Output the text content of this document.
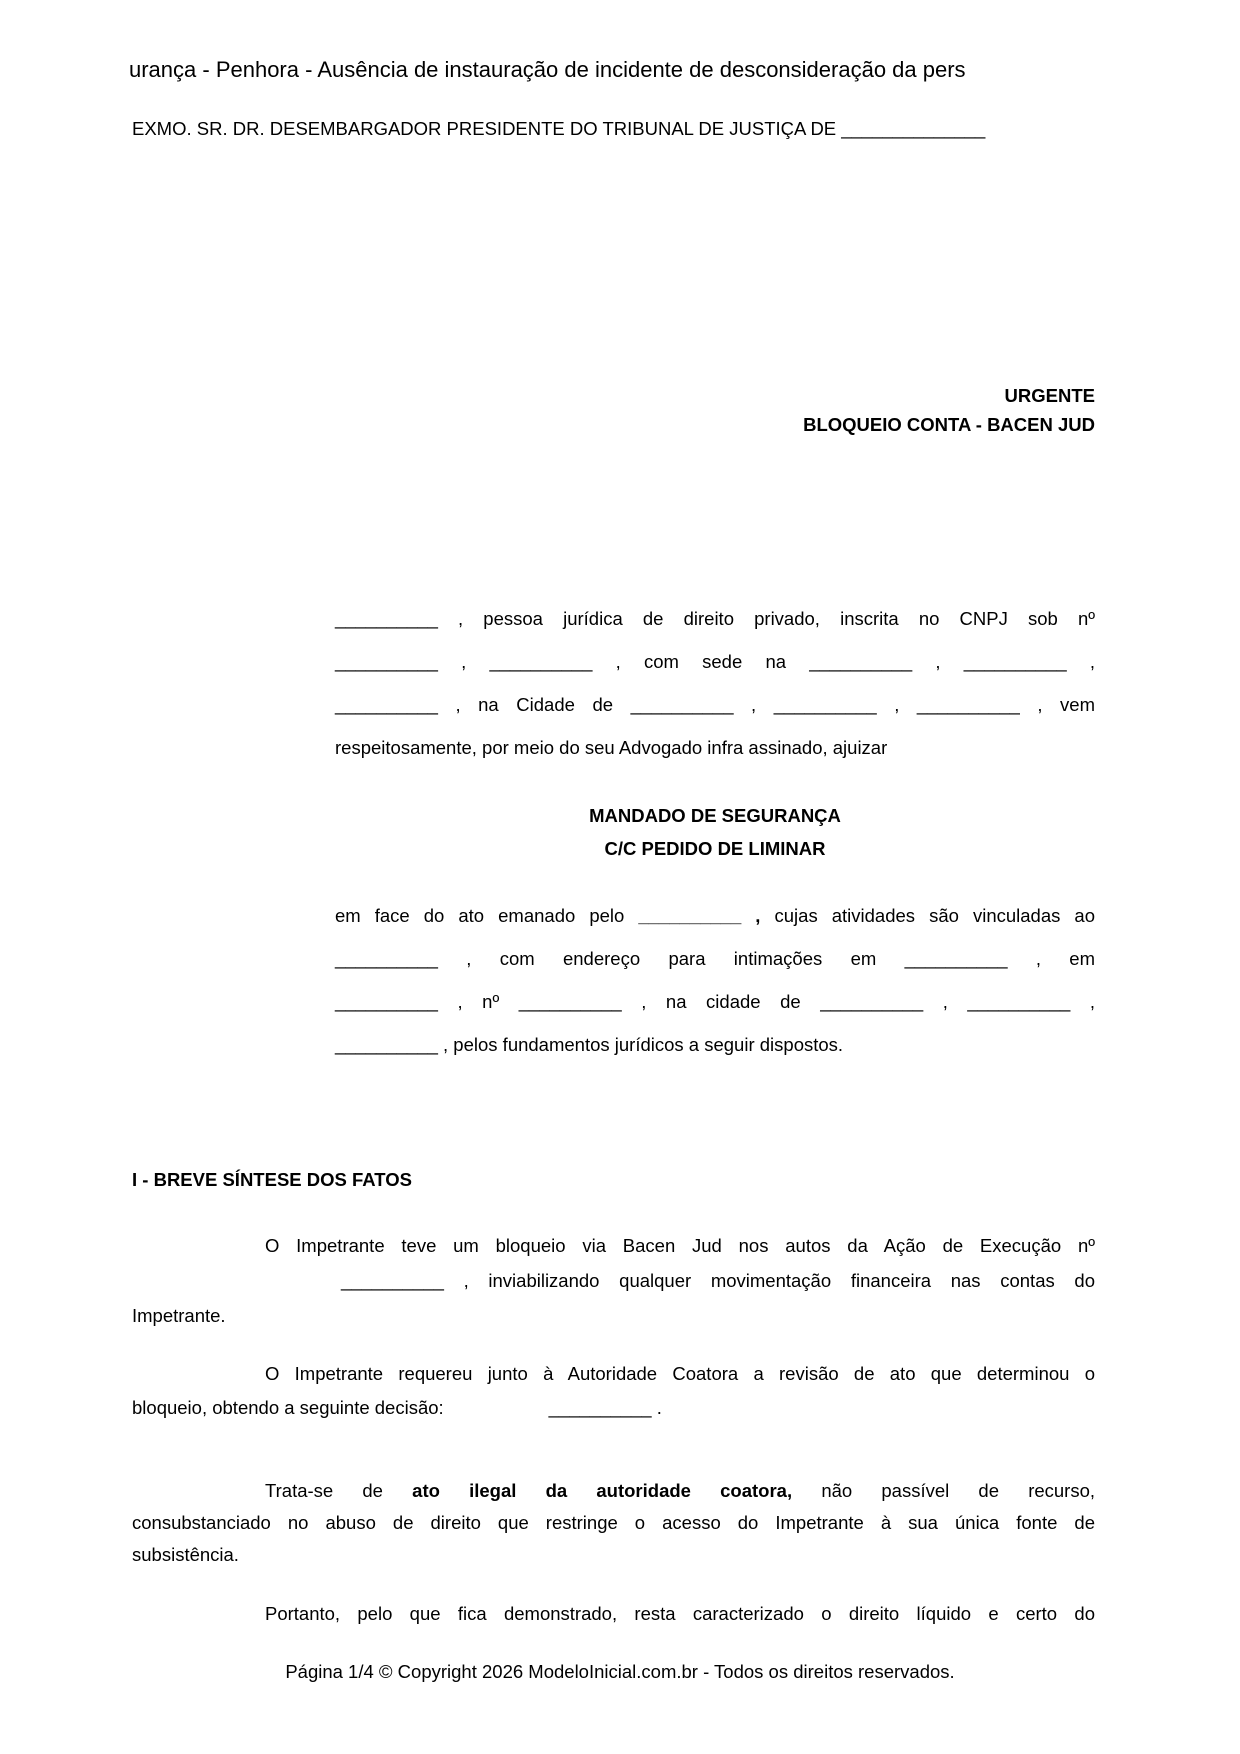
urança - Penhora - Ausência de instauração de incidente de desconsideração da pers
EXMO. SR. DR. DESEMBARGADOR PRESIDENTE DO TRIBUNAL DE JUSTIÇA DE ______________
URGENTE
BLOQUEIO CONTA - BACEN JUD
__________ , pessoa jurídica de direito privado, inscrita no CNPJ sob nº
__________ , __________ , com sede na __________ , __________ ,
__________ , na Cidade de __________ , __________ , __________ , vem
respeitosamente, por meio do seu Advogado infra assinado, ajuizar
MANDADO DE SEGURANÇA
C/C PEDIDO DE LIMINAR
em face do ato emanado pelo __________ , cujas atividades são vinculadas ao
__________ , com endereço para intimações em __________ , em
__________ , nº __________ , na cidade de __________ , __________ ,
__________ , pelos fundamentos jurídicos a seguir dispostos.
I - BREVE SÍNTESE DOS FATOS
O Impetrante teve um bloqueio via Bacen Jud nos autos da Ação de Execução nº
__________ , inviabilizando qualquer movimentação financeira nas contas do
Impetrante.
O Impetrante requereu junto à Autoridade Coatora a revisão de ato que determinou o
bloqueio, obtendo a seguinte decisão:	__________ .
Trata-se de ato ilegal da autoridade coatora, não passível de recurso,
consubstanciado no abuso de direito que restringe o acesso do Impetrante à sua única fonte de
subsistência.
Portanto, pelo que fica demonstrado, resta caracterizado o direito líquido e certo do
Página 1/4 © Copyright 2026 ModeloInicial.com.br - Todos os direitos reservados.
